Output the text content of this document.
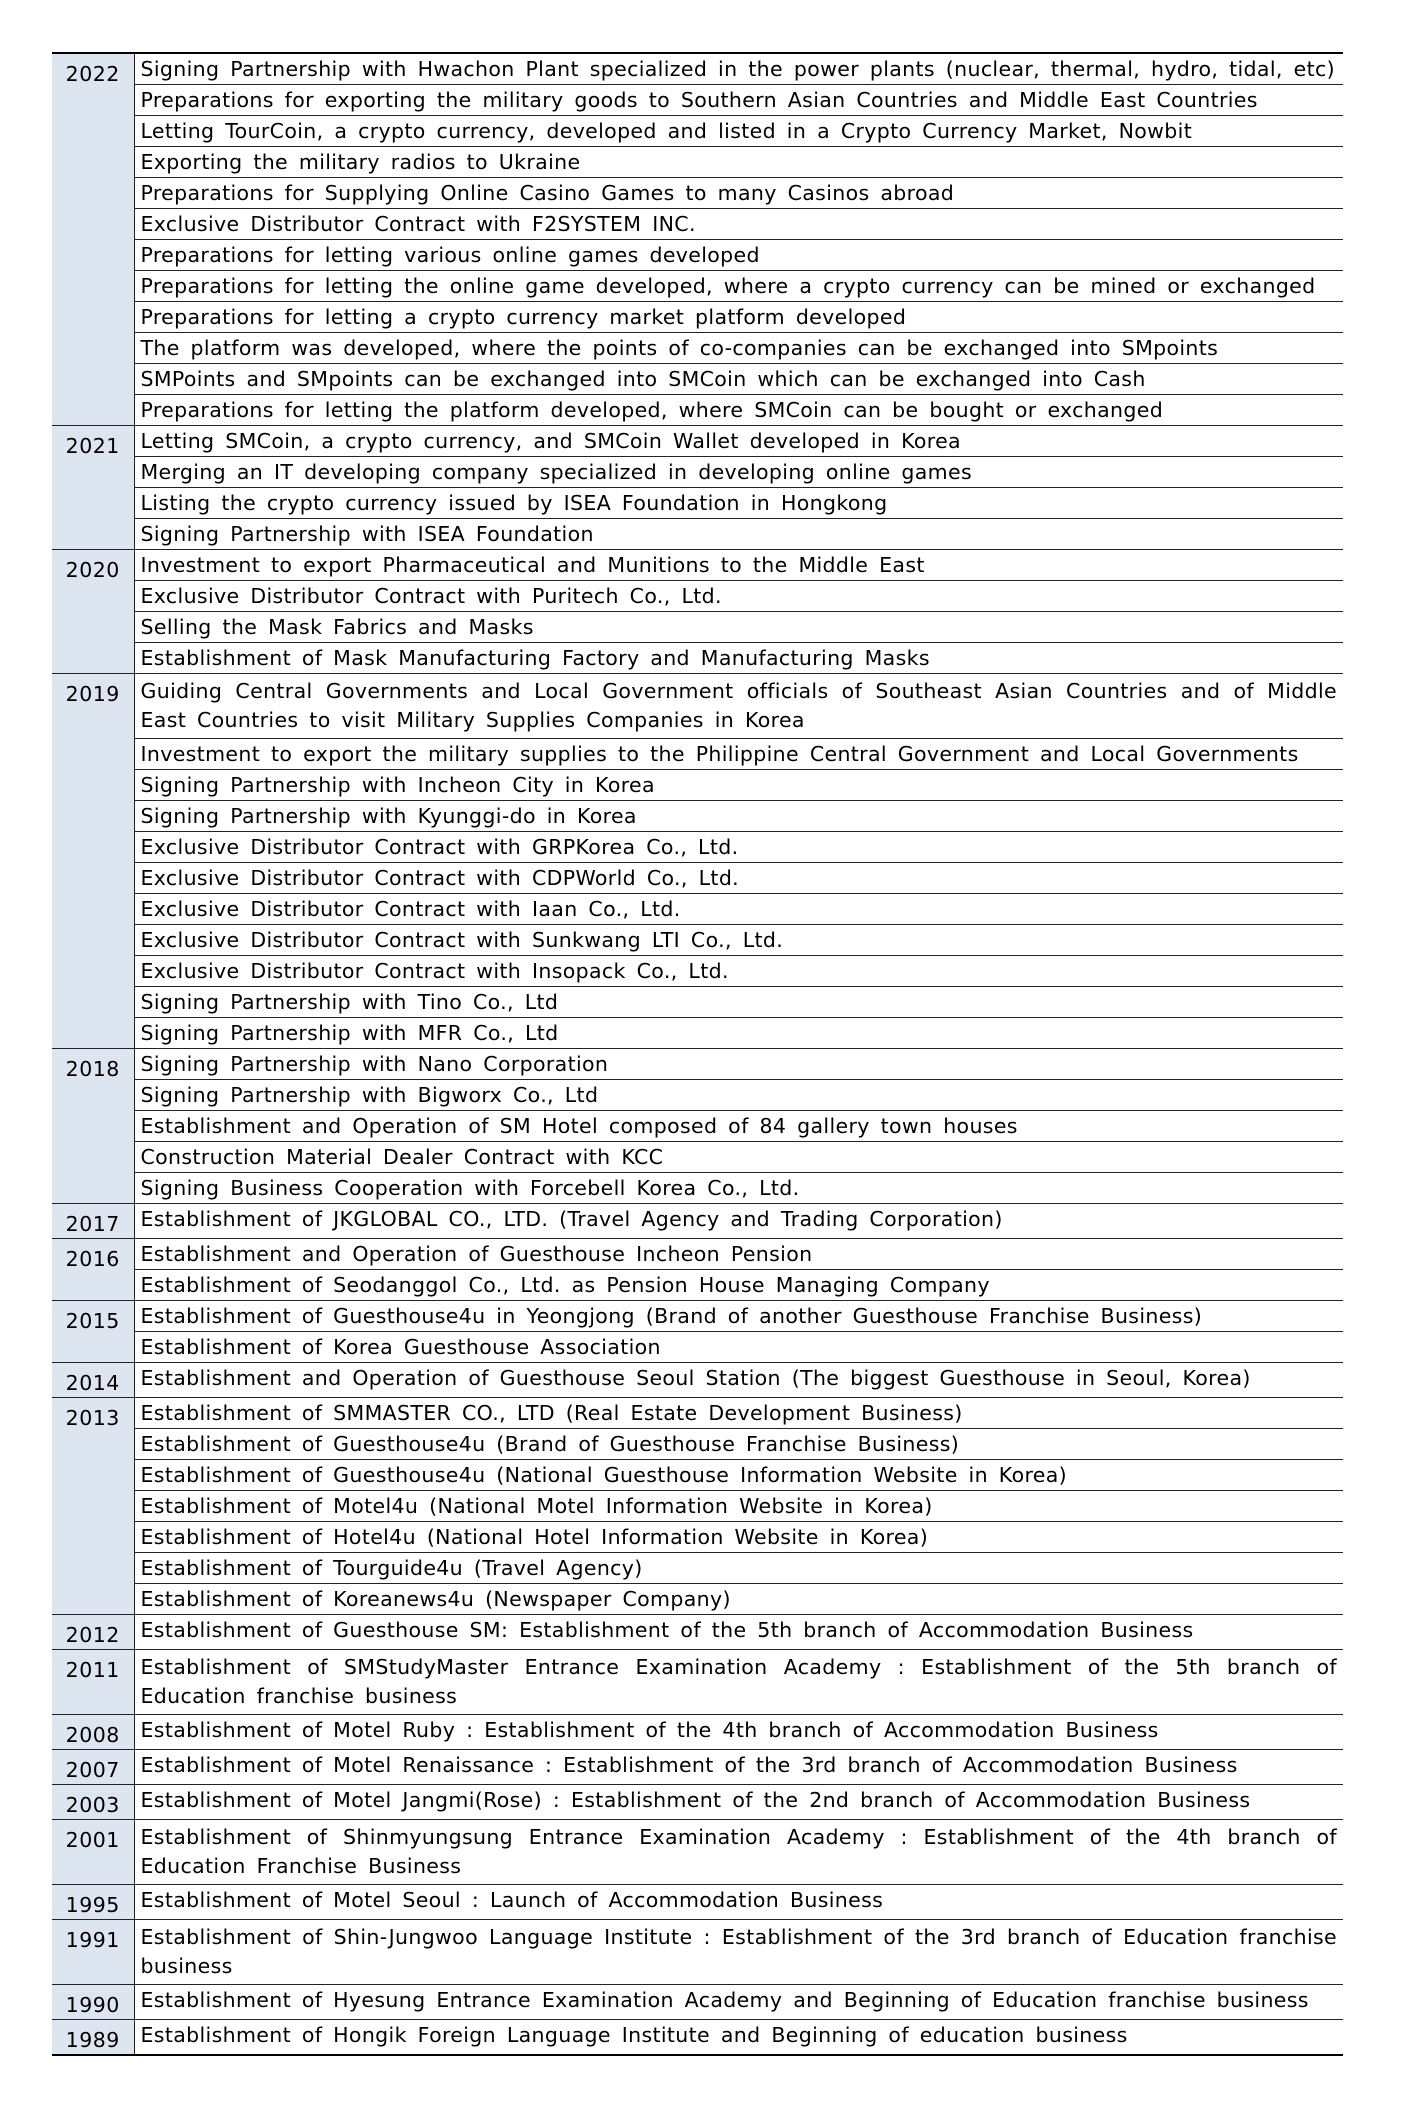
2022	Signing Partnership with Hwachon Plant specialized in the power plants (nuclear, thermal, hydro, tidal, etc)
	Preparations for exporting the military goods to Southern Asian Countries and Middle East Countries
	Letting TourCoin, a crypto currency, developed and listed in a Crypto Currency Market, Nowbit
	Exporting the military radios to Ukraine
	Preparations for Supplying Online Casino Games to many Casinos abroad
	Exclusive Distributor Contract with F2SYSTEM INC.
	Preparations for letting various online games developed
	Preparations for letting the online game developed, where a crypto currency can be mined or exchanged
	Preparations for letting a crypto currency market platform developed
	The platform was developed, where the points of co-companies can be exchanged into SMpoints
	SMPoints and SMpoints can be exchanged into SMCoin which can be exchanged into Cash
	Preparations for letting the platform developed, where SMCoin can be bought or exchanged
2021	Letting SMCoin, a crypto currency, and SMCoin Wallet developed in Korea
	Merging an IT developing company specialized in developing online games
	Listing the crypto currency issued by ISEA Foundation in Hongkong
	Signing Partnership with ISEA Foundation
2020	Investment to export Pharmaceutical and Munitions to the Middle East
	Exclusive Distributor Contract with Puritech Co., Ltd.
	Selling the Mask Fabrics and Masks
	Establishment of Mask Manufacturing Factory and Manufacturing Masks
2019	Guiding Central Governments and Local Government officials of Southeast Asian Countries and of Middle East Countries to visit Military Supplies Companies in Korea
	Investment to export the military supplies to the Philippine Central Government and Local Governments
	Signing Partnership with Incheon City in Korea
	Signing Partnership with Kyunggi-do in Korea
	Exclusive Distributor Contract with GRPKorea Co., Ltd.
	Exclusive Distributor Contract with CDPWorld Co., Ltd.
	Exclusive Distributor Contract with Iaan Co., Ltd.
	Exclusive Distributor Contract with Sunkwang LTI Co., Ltd.
	Exclusive Distributor Contract with Insopack Co., Ltd.
	Signing Partnership with Tino Co., Ltd
	Signing Partnership with MFR Co., Ltd
2018	Signing Partnership with Nano Corporation
	Signing Partnership with Bigworx Co., Ltd
	Establishment and Operation of SM Hotel composed of 84 gallery town houses
	Construction Material Dealer Contract with KCC
	Signing Business Cooperation with Forcebell Korea Co., Ltd.
2017	Establishment of JKGLOBAL CO., LTD. (Travel Agency and Trading Corporation)
2016	Establishment and Operation of Guesthouse Incheon Pension
	Establishment of Seodanggol Co., Ltd. as Pension House Managing Company
2015	Establishment of Guesthouse4u in Yeongjong (Brand of another Guesthouse Franchise Business)
	Establishment of Korea Guesthouse Association
2014	Establishment and Operation of Guesthouse Seoul Station (The biggest Guesthouse in Seoul, Korea)
2013	Establishment of SMMASTER CO., LTD (Real Estate Development Business)
	Establishment of Guesthouse4u (Brand of Guesthouse Franchise Business)
	Establishment of Guesthouse4u (National Guesthouse Information Website in Korea)
	Establishment of Motel4u (National Motel Information Website in Korea)
	Establishment of Hotel4u (National Hotel Information Website in Korea)
	Establishment of Tourguide4u (Travel Agency)
	Establishment of Koreanews4u (Newspaper Company)
2012	Establishment of Guesthouse SM: Establishment of the 5th branch of Accommodation Business
2011	Establishment of SMStudyMaster Entrance Examination Academy : Establishment of the 5th branch of Education franchise business
2008	Establishment of Motel Ruby : Establishment of the 4th branch of Accommodation Business
2007	Establishment of Motel Renaissance : Establishment of the 3rd branch of Accommodation Business
2003	Establishment of Motel Jangmi(Rose) : Establishment of the 2nd branch of Accommodation Business
2001	Establishment of Shinmyungsung Entrance Examination Academy : Establishment of the 4th branch of Education Franchise Business
1995	Establishment of Motel Seoul : Launch of Accommodation Business
1991	Establishment of Shin-Jungwoo Language Institute : Establishment of the 3rd branch of Education franchise business
1990	Establishment of Hyesung Entrance Examination Academy and Beginning of Education franchise business
1989	Establishment of Hongik Foreign Language Institute and Beginning of education business
